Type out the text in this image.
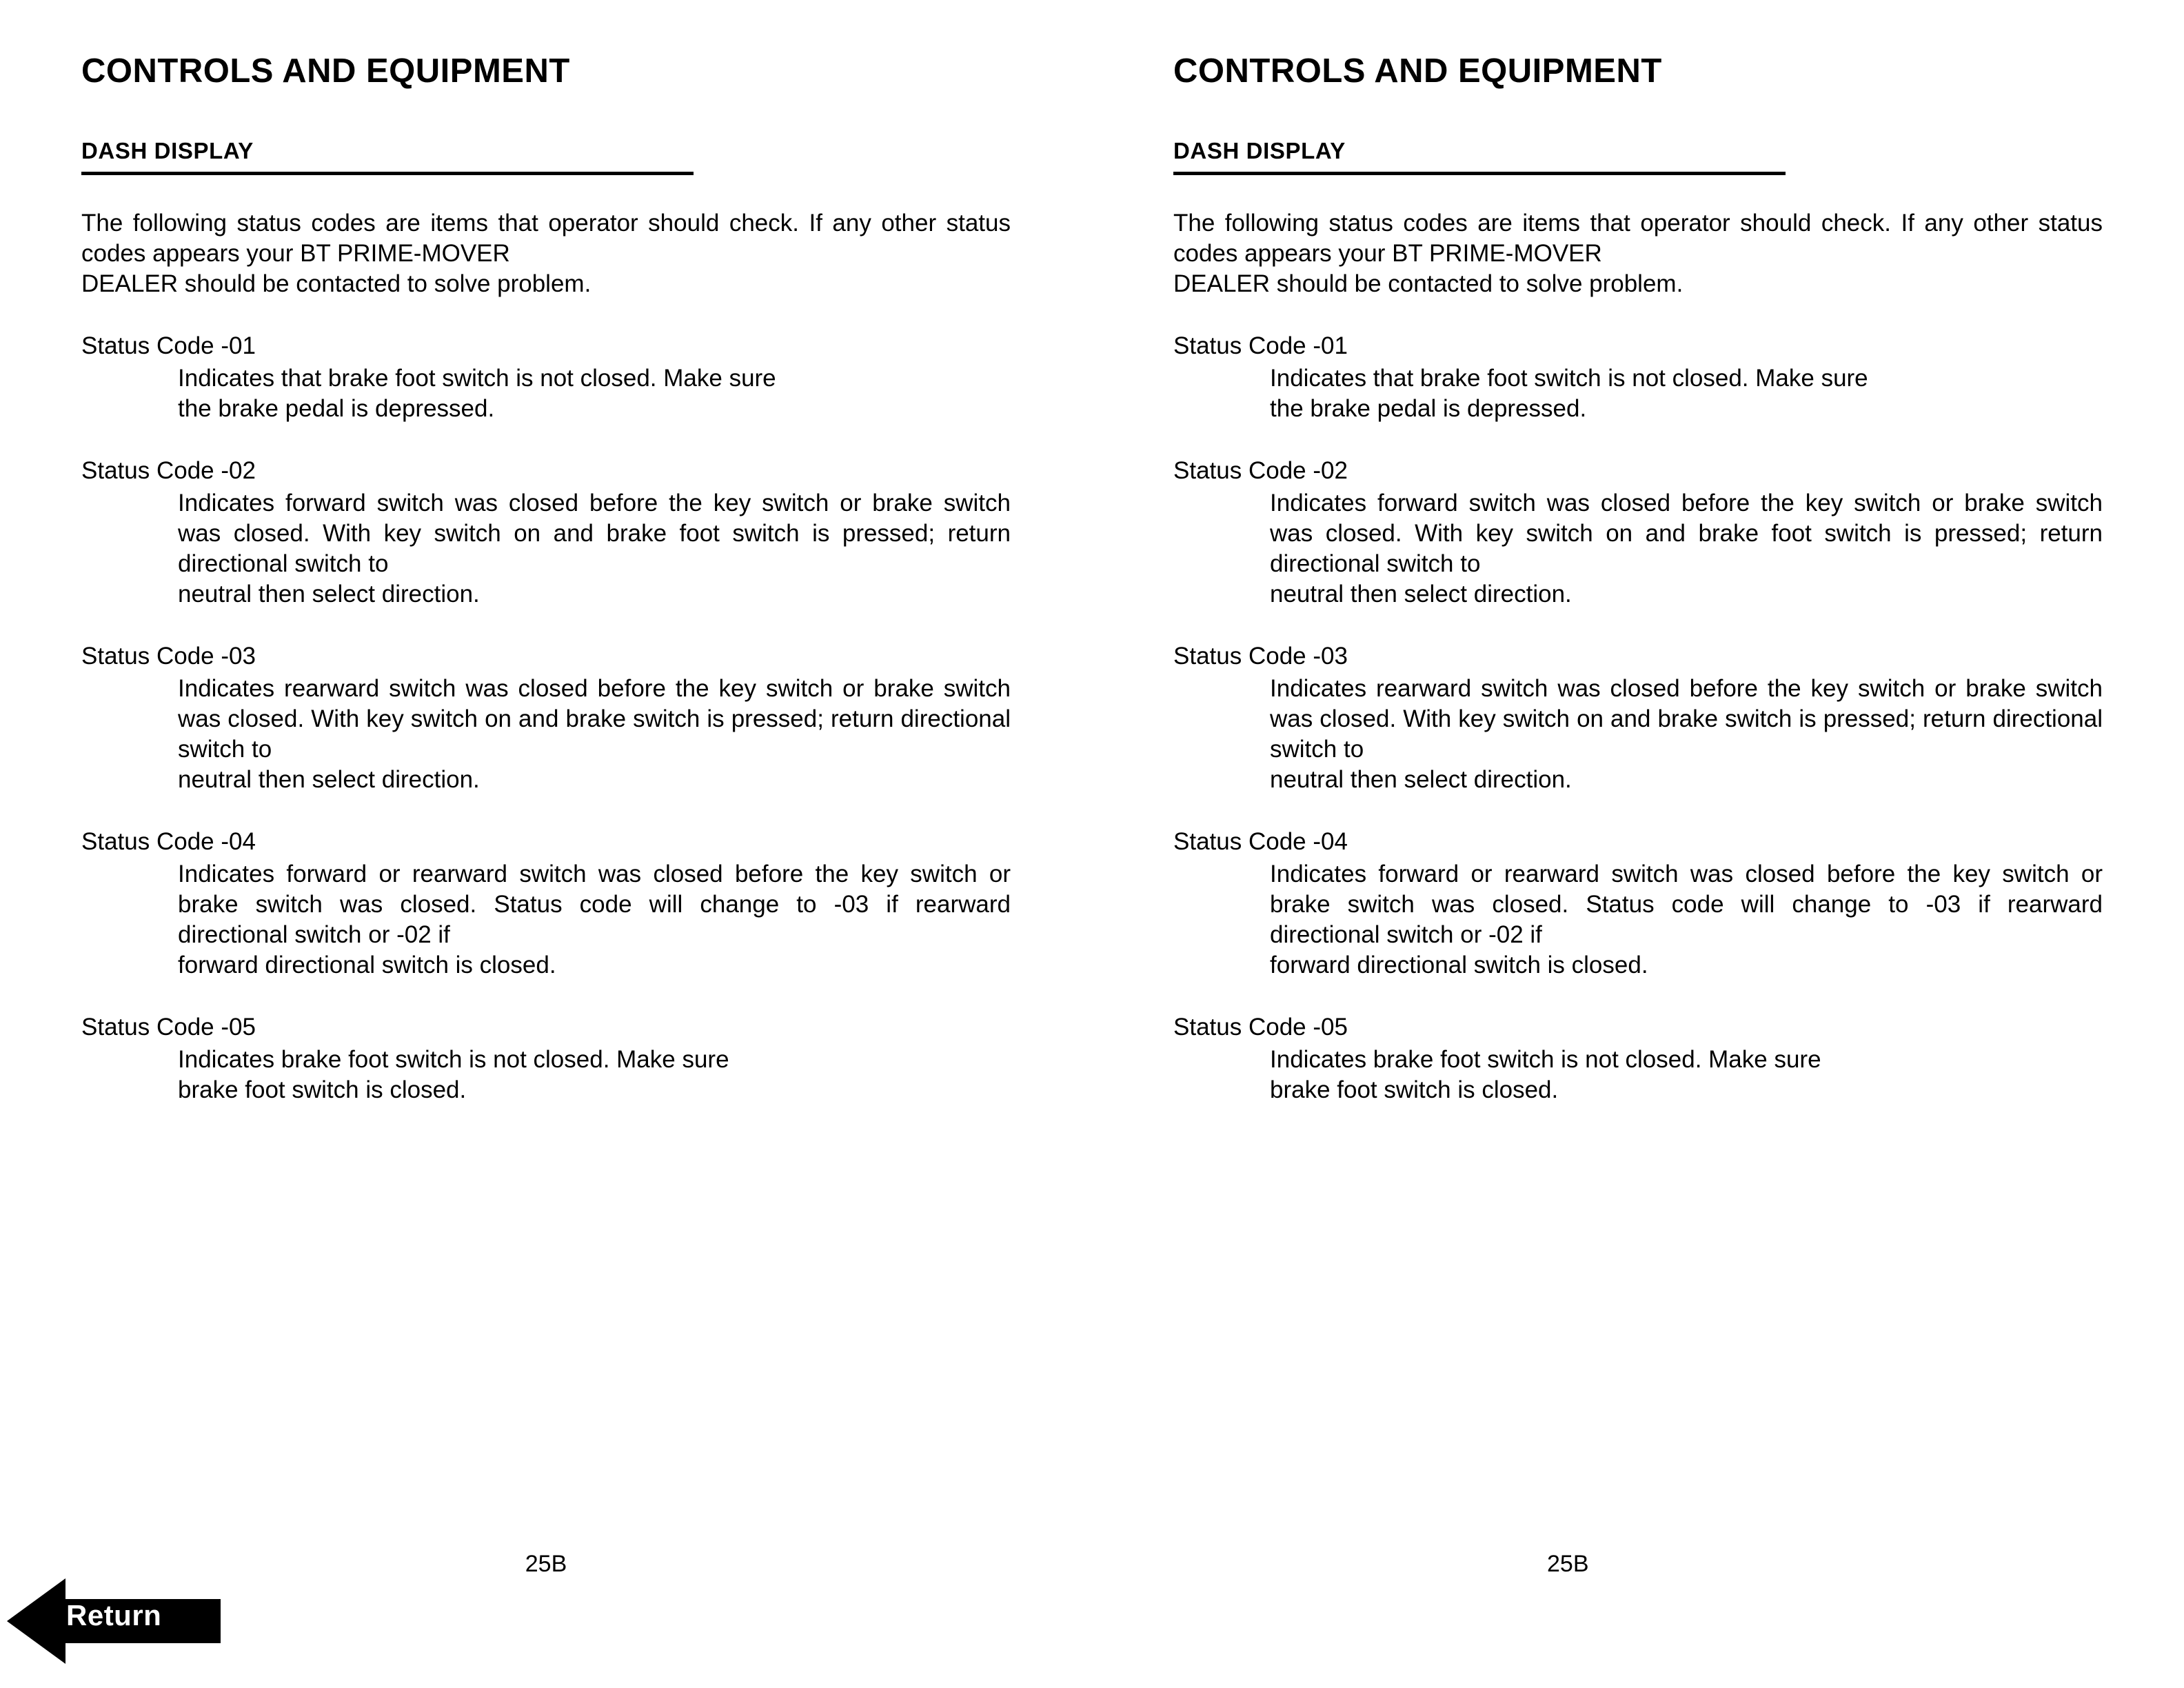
CONTROLS AND EQUIPMENT
DASH DISPLAY

The following status codes are items that operator should check. If any other status codes appears your BT PRIME-MOVER
DEALER should be contacted to solve problem.

Status Code -01
Indicates that brake foot switch is not closed. Make sure
the brake pedal is depressed.
Status Code -02
Indicates forward switch was closed before the key switch or brake switch was closed. With key switch on and brake foot switch is pressed; return directional switch to
neutral then select direction.
Status Code -03
Indicates rearward switch was closed before the key switch or brake switch was closed. With key switch on and brake switch is pressed; return directional switch to
neutral then select direction.
Status Code -04
Indicates forward or rearward switch was closed before the key switch or brake switch was closed. Status code will change to -03 if rearward directional switch or -02 if
forward directional switch is closed.
Status Code -05
Indicates brake foot switch is not closed. Make sure
brake foot switch is closed.
25B
CONTROLS AND EQUIPMENT
DASH DISPLAY

The following status codes are items that operator should check. If any other status codes appears your BT PRIME-MOVER
DEALER should be contacted to solve problem.

Status Code -01
Indicates that brake foot switch is not closed. Make sure
the brake pedal is depressed.
Status Code -02
Indicates forward switch was closed before the key switch or brake switch was closed. With key switch on and brake foot switch is pressed; return directional switch to
neutral then select direction.
Status Code -03
Indicates rearward switch was closed before the key switch or brake switch was closed. With key switch on and brake switch is pressed; return directional switch to
neutral then select direction.
Status Code -04
Indicates forward or rearward switch was closed before the key switch or brake switch was closed. Status code will change to -03 if rearward directional switch or -02 if
forward directional switch is closed.
Status Code -05
Indicates brake foot switch is not closed. Make sure
brake foot switch is closed.
25B
Return
